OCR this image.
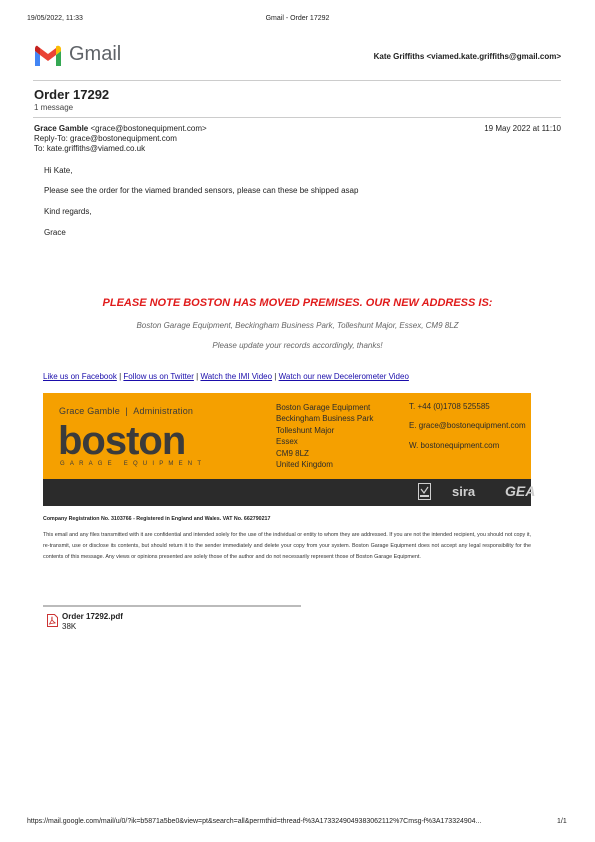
19/05/2022, 11:33	Gmail - Order 17292
Gmail	Kate Griffiths <viamed.kate.griffiths@gmail.com>
Order 17292
1 message
Grace Gamble <grace@bostonequipment.com>	19 May 2022 at 11:10
Reply-To: grace@bostonequipment.com
To: kate.griffiths@viamed.co.uk
Hi Kate,
Please see the order for the viamed branded sensors, please can these be shipped asap
Kind regards,
Grace
PLEASE NOTE BOSTON HAS MOVED PREMISES. OUR NEW ADDRESS IS:
Boston Garage Equipment, Beckingham Business Park, Tolleshunt Major, Essex, CM9 8LZ
Please update your records accordingly, thanks!
Like us on Facebook | Follow us on Twitter | Watch the IMI Video | Watch our new Decelerometer Video
Grace Gamble  |  Administration
boston
GARAGE EQUIPMENT
Boston Garage Equipment
Beckingham Business Park
Tolleshunt Major
Essex
CM9 8LZ
United Kingdom
T. +44 (0)1708 525585
E. grace@bostonequipment.com
W. bostonequipment.com
sira GEA
Company Registration No. 3103766 - Registered in England and Wales. VAT No. 662790217
This email and any files transmitted with it are confidential and intended solely for the use of the individual or entity to whom they are addressed. If you are not the intended recipient, you should not copy it, re-transmit, use or disclose its contents, but should return it to the sender immediately and delete your copy from your system. Boston Garage Equipment does not accept any legal responsibility for the contents of this message. Any views or opinions presented are solely those of the author and do not necessarily represent those of Boston Garage Equipment.
Order 17292.pdf
38K
https://mail.google.com/mail/u/0/?ik=b5871a5be0&view=pt&search=all&permthid=thread-f%3A1733249049383062112%7Cmsg-f%3A173324904...	1/1
